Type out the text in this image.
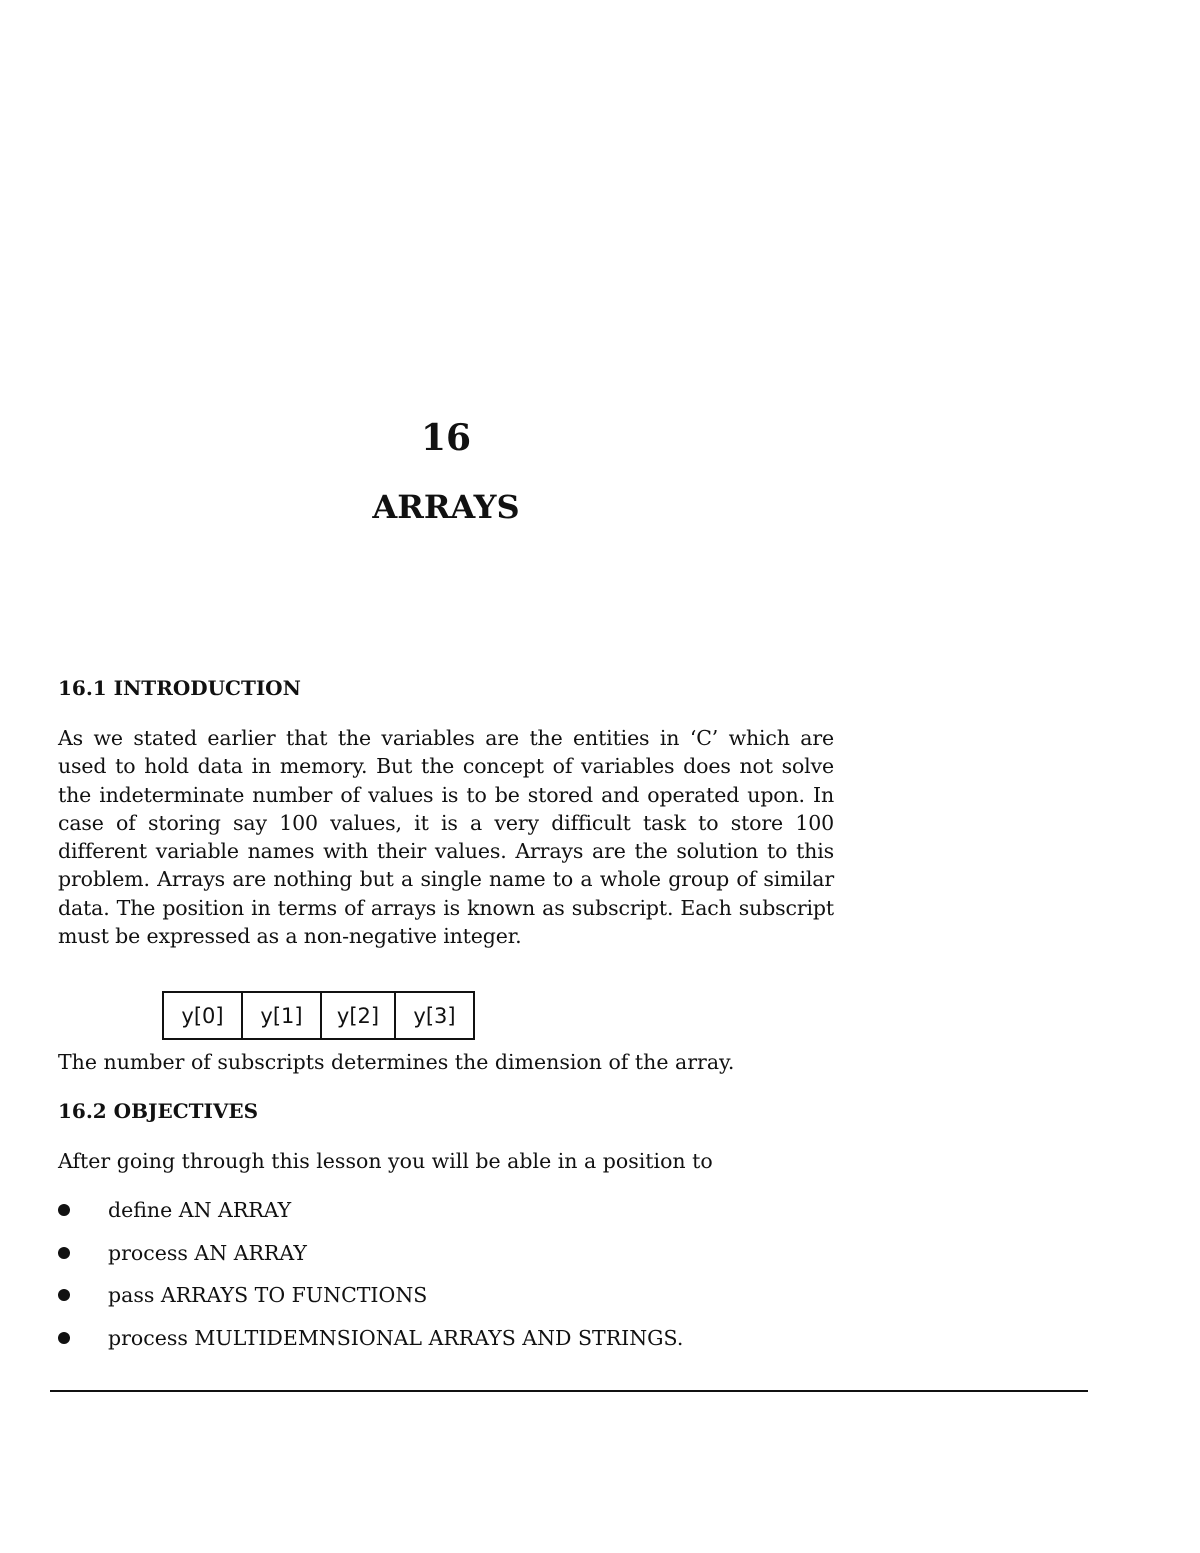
16
ARRAYS
16.1 INTRODUCTION

As we stated earlier that the variables are the entities in ‘C’ which are used to hold data in memory. But the concept of variables does not solve the indeterminate number of values is to be stored and operated upon. In case of storing say 100 values, it is a very difficult task to store 100 different variable names with their values. Arrays are the solution to this problem. Arrays are nothing but a single name to a whole group of similar data. The position in terms of arrays is known as subscript. Each subscript must be expressed as a non-negative integer.

y[0]	y[1]	y[2]	y[3]

The number of subscripts determines the dimension of the array.

16.2 OBJECTIVES

After going through this lesson you will be able in a position to

define AN ARRAY
process AN ARRAY
pass ARRAYS TO FUNCTIONS
process MULTIDEMNSIONAL ARRAYS AND STRINGS.
